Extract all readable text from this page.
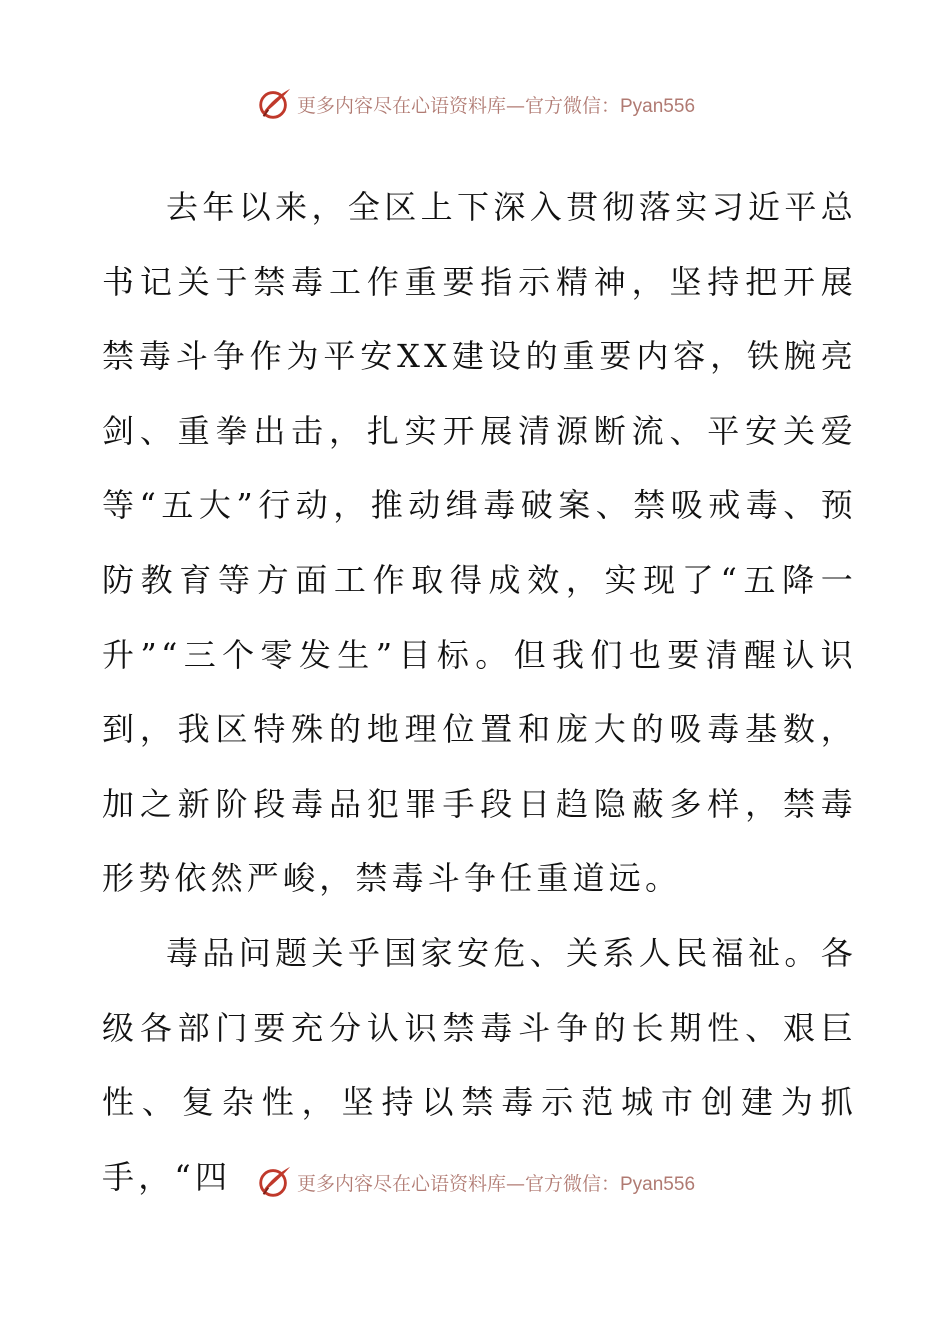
更多内容尽在心语资料库—官方微信：Pyan556

去年以来，全区上下深入贯彻落实习近平总书记关于禁毒工作重要指示精神，坚持把开展禁毒斗争作为平安XX建设的重要内容，铁腕亮剑、重拳出击，扎实开展清源断流、平安关爱等“五大”行动，推动缉毒破案、禁吸戒毒、预防教育等方面工作取得成效，实现了“五降一升”“三个零发生”目标。但我们也要清醒认识到，我区特殊的地理位置和庞大的吸毒基数，加之新阶段毒品犯罪手段日趋隐蔽多样，禁毒形势依然严峻，禁毒斗争任重道远。

毒品问题关乎国家安危、关系人民福祉。各级各部门要充分认识禁毒斗争的长期性、艰巨性、复杂性，坚持以禁毒示范城市创建为抓手，“四	更多内容尽在心语资料库—官方微信：Pyan556
